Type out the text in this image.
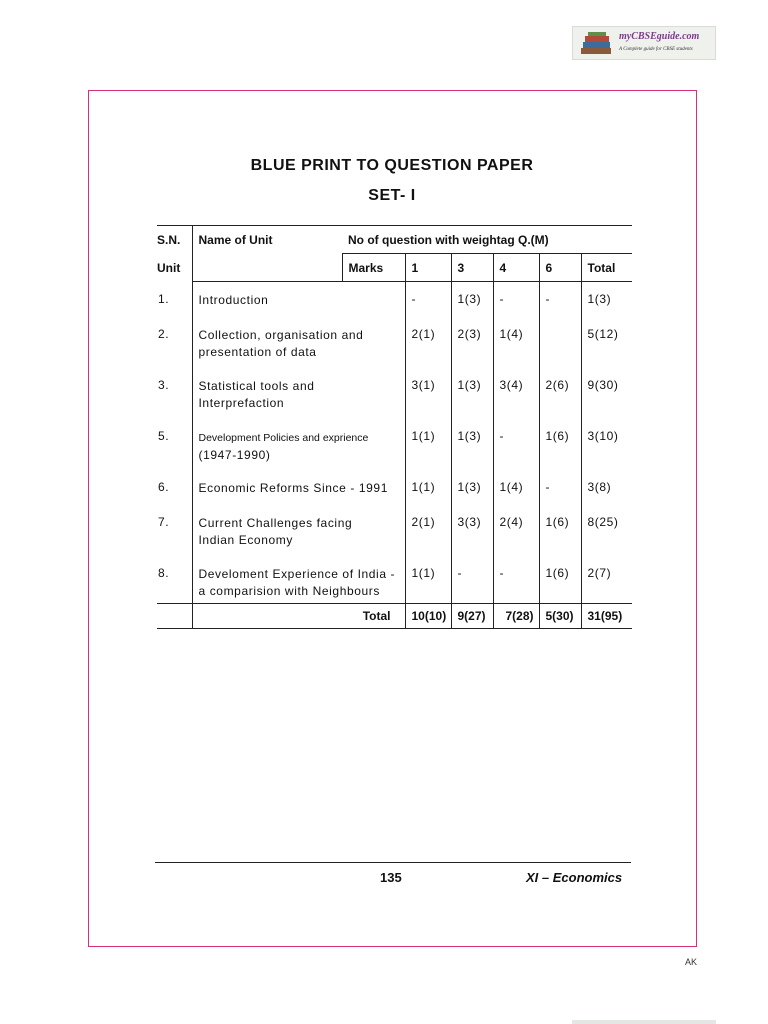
myCBSEguide.com
A Complete guide for CBSE students
BLUE PRINT TO QUESTION PAPER
SET- I
S.N.	Name of Unit	No of question with weightag Q.(M)					
Unit		Marks	1	3	4	6	Total
1.	Introduction		-	1(3)	-	-	1(3)
2.	Collection, organisation and
presentation of data		2(1)	2(3)	1(4)		5(12)
3.	Statistical tools and
Interprefaction		3(1)	1(3)	3(4)	2(6)	9(30)
5.	Development Policies and exprience
(1947-1990)		1(1)	1(3)	-	1(6)	3(10)
6.	Economic Reforms Since - 1991		1(1)	1(3)	1(4)	-	3(8)
7.	Current Challenges facing
Indian Economy		2(1)	3(3)	2(4)	1(6)	8(25)
8.	Develoment Experience of India -
a comparision with Neighbours		1(1)	-	-	1(6)	2(7)
	Total		10(10)	9(27)	7(28)	5(30)	31(95)
135	XI – Economics
AK
